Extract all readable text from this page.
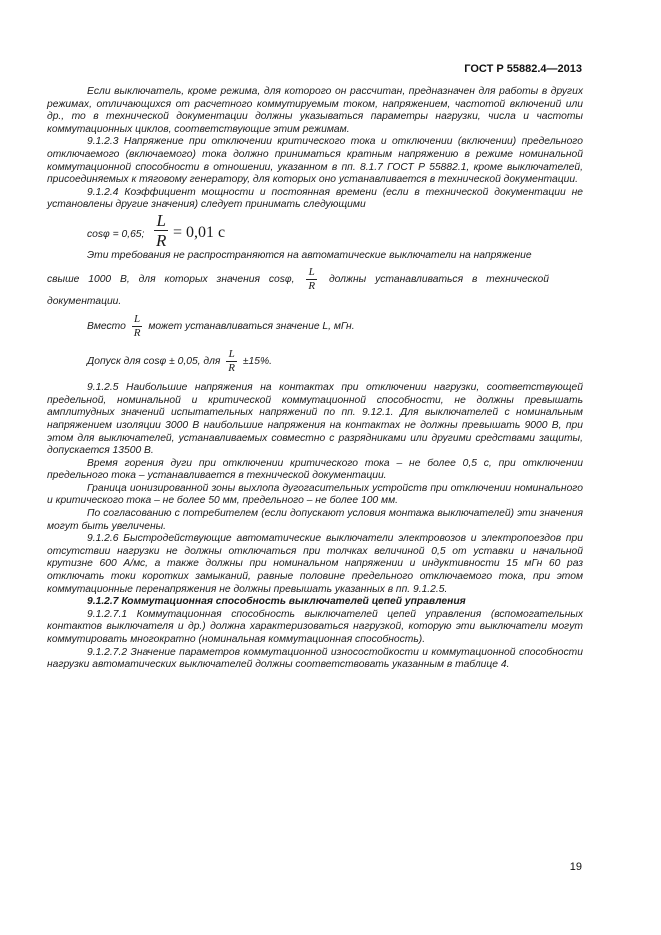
ГОСТ Р 55882.4—2013

Если выключатель, кроме режима, для которого он рассчитан, предназначен для работы в других режимах, отличающихся от расчетного коммутируемым током, напряжением, частотой включений или др., то в технической документации должны указываться параметры нагрузки, числа и частоты коммутационных циклов, соответствующие этим режимам.

9.1.2.3 Напряжение при отключении критического тока и отключении (включении) предельного отключаемого (включаемого) тока должно приниматься кратным напряжению в режиме номинальной коммутационной способности в отношении, указанном в пп. 8.1.7 ГОСТ Р 55882.1, кроме выключателей, присоединяемых к тяговому генератору, для которых оно устанавливается в технической документации.

9.1.2.4 Коэффициент мощности и постоянная времени (если в технической документации не установлены другие значения) следует принимать следующими

cosφ = 0,65; $\frac{L}{R} = 0,01$ c

Эти требования не распространяются на автоматические выключатели на напряжение

свыше 1000 В, для которых значения cosφ, $\frac{L}{R}$ должны устанавливаться в технической

документации.

Вместо $\frac{L}{R}$ может устанавливаться значение L, мГн.

Допуск для cosφ ± 0,05, для $\frac{L}{R} \pm 15\%$.

9.1.2.5 Наибольшие напряжения на контактах при отключении нагрузки, соответствующей предельной, номинальной и критической коммутационной способности, не должны превышать амплитудных значений испытательных напряжений по пп. 9.12.1. Для выключателей с номинальным напряжением изоляции 3000 В наибольшие напряжения на контактах не должны превышать 9000 В, при этом для выключателей, устанавливаемых совместно с разрядниками или другими средствами защиты, допускается 13500 В.

Время горения дуги при отключении критического тока – не более 0,5 с, при отключении предельного тока – устанавливается в технической документации.

Граница ионизированной зоны выхлопа дугогасительных устройств при отключении номинального и критического тока – не более 50 мм, предельного – не более 100 мм.

По согласованию с потребителем (если допускают условия монтажа выключателей) эти значения могут быть увеличены.

9.1.2.6 Быстродействующие автоматические выключатели электровозов и электропоездов при отсутствии нагрузки не должны отключаться при толчках величиной 0,5 от уставки и начальной крутизне 600 А/мс, а также должны при номинальном напряжении и индуктивности 15 мГн 60 раз отключать токи коротких замыканий, равные половине предельного отключаемого тока, при этом коммутационные перенапряжения не должны превышать указанных в пп. 9.1.2.5.

9.1.2.7 Коммутационная способность выключателей цепей управления

9.1.2.7.1 Коммутационная способность выключателей цепей управления (вспомогательных контактов выключателя и др.) должна характеризоваться нагрузкой, которую эти выключатели могут коммутировать многократно (номинальная коммутационная способность).

9.1.2.7.2 Значение параметров коммутационной износостойкости и коммутационной способности нагрузки автоматических выключателей должны соответствовать указанным в таблице 4.

19
